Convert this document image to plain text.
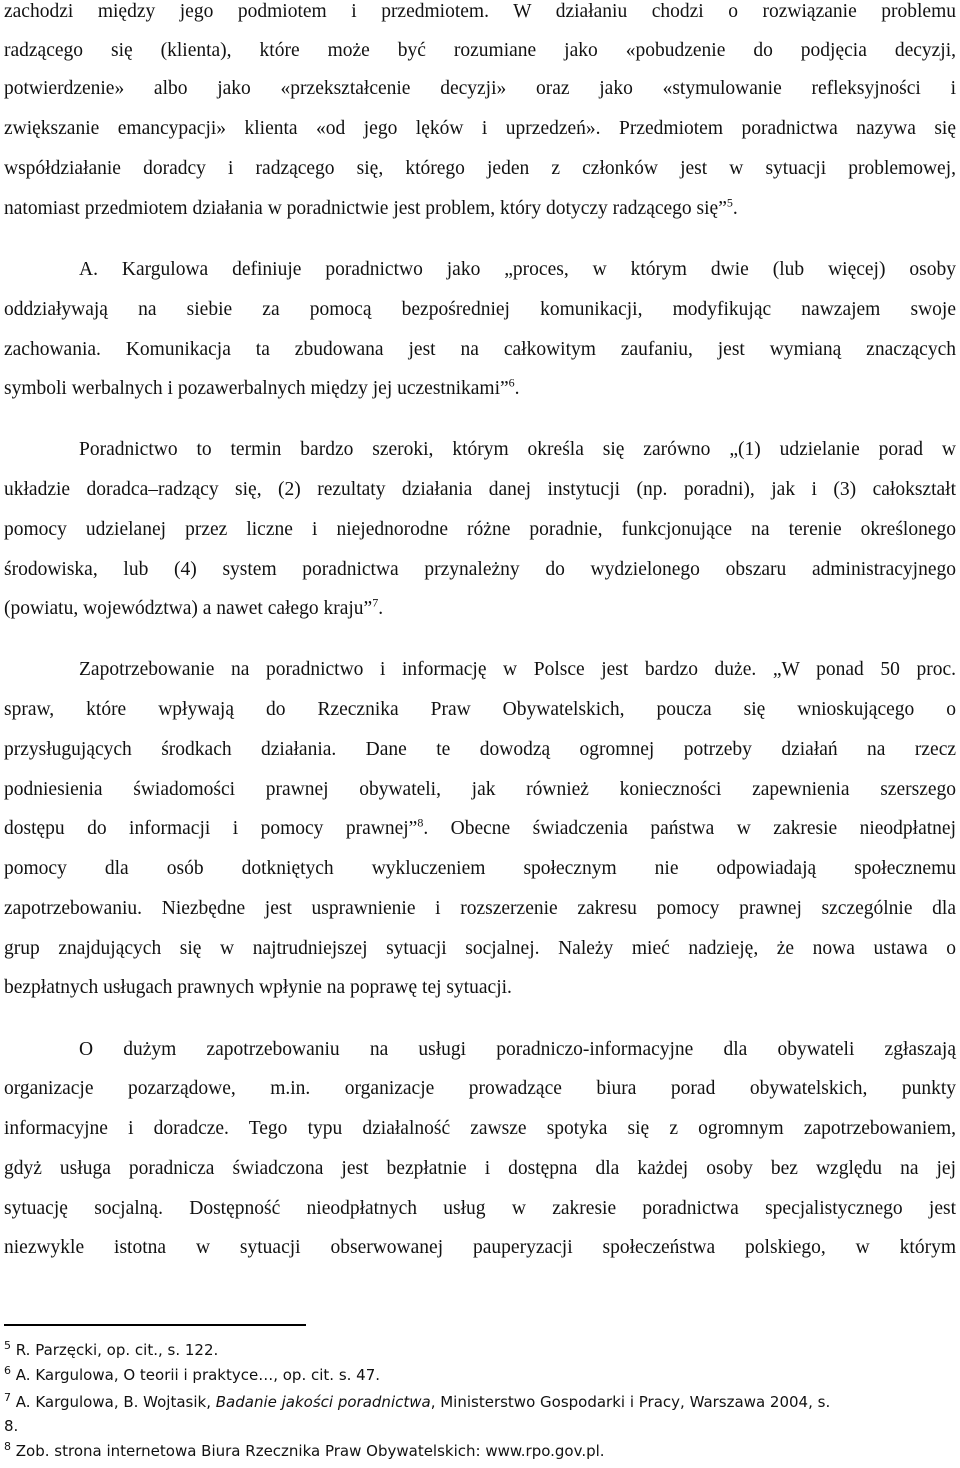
zachodzi między jego podmiotem i przedmiotem. W działaniu chodzi o rozwiązanie problemu
radzącego się (klienta), które może być rozumiane jako «pobudzenie do podjęcia decyzji,
potwierdzenie» albo jako «przekształcenie decyzji» oraz jako «stymulowanie refleksyjności i
zwiększanie emancypacji» klienta «od jego lęków i uprzedzeń». Przedmiotem poradnictwa nazywa się
współdziałanie doradcy i radzącego się, którego jeden z członków jest w sytuacji problemowej,
natomiast przedmiotem działania w poradnictwie jest problem, który dotyczy radzącego się”$^5$.
A. Kargulowa definiuje poradnictwo jako „proces, w którym dwie (lub więcej) osoby
oddziaływają na siebie za pomocą bezpośredniej komunikacji, modyfikując nawzajem swoje
zachowania. Komunikacja ta zbudowana jest na całkowitym zaufaniu, jest wymianą znaczących
symboli werbalnych i pozawerbalnych między jej uczestnikami”$^6$.
Poradnictwo to termin bardzo szeroki, którym określa się zarówno „(1) udzielanie porad w
układzie doradca–radzący się, (2) rezultaty działania danej instytucji (np. poradni), jak i (3) całokształt
pomocy udzielanej przez liczne i niejednorodne różne poradnie, funkcjonujące na terenie określonego
środowiska, lub (4) system poradnictwa przynależny do wydzielonego obszaru administracyjnego
(powiatu, województwa) a nawet całego kraju”$^7$.
Zapotrzebowanie na poradnictwo i informację w Polsce jest bardzo duże. „W ponad 50 proc.
spraw, które wpływają do Rzecznika Praw Obywatelskich, poucza się wnioskującego o
przysługujących środkach działania. Dane te dowodzą ogromnej potrzeby działań na rzecz
podniesienia świadomości prawnej obywateli, jak również konieczności zapewnienia szerszego
dostępu do informacji i pomocy prawnej”$^8$. Obecne świadczenia państwa w zakresie nieodpłatnej
pomocy dla osób dotkniętych wykluczeniem społecznym nie odpowiadają społecznemu
zapotrzebowaniu. Niezbędne jest usprawnienie i rozszerzenie zakresu pomocy prawnej szczególnie dla
grup znajdujących się w najtrudniejszej sytuacji socjalnej. Należy mieć nadzieję, że nowa ustawa o
bezpłatnych usługach prawnych wpłynie na poprawę tej sytuacji.
O dużym zapotrzebowaniu na usługi poradniczo-informacyjne dla obywateli zgłaszają
organizacje pozarządowe, m.in. organizacje prowadzące biura porad obywatelskich, punkty
informacyjne i doradcze. Tego typu działalność zawsze spotyka się z ogromnym zapotrzebowaniem,
gdyż usługa poradnicza świadczona jest bezpłatnie i dostępna dla każdej osoby bez względu na jej
sytuację socjalną. Dostępność nieodpłatnych usług w zakresie poradnictwa specjalistycznego jest
niezwykle istotna w sytuacji obserwowanej pauperyzacji społeczeństwa polskiego, w którym
$^5$ R. Parzęcki, op. cit., s. 122.
$^6$ A. Kargulowa, O teorii i praktyce…, op. cit. s. 47.
$^7$ A. Kargulowa, B. Wojtasik, Badanie jakości poradnictwa, Ministerstwo Gospodarki i Pracy, Warszawa 2004, s.
8.
$^8$ Zob. strona internetowa Biura Rzecznika Praw Obywatelskich: www.rpo.gov.pl.
